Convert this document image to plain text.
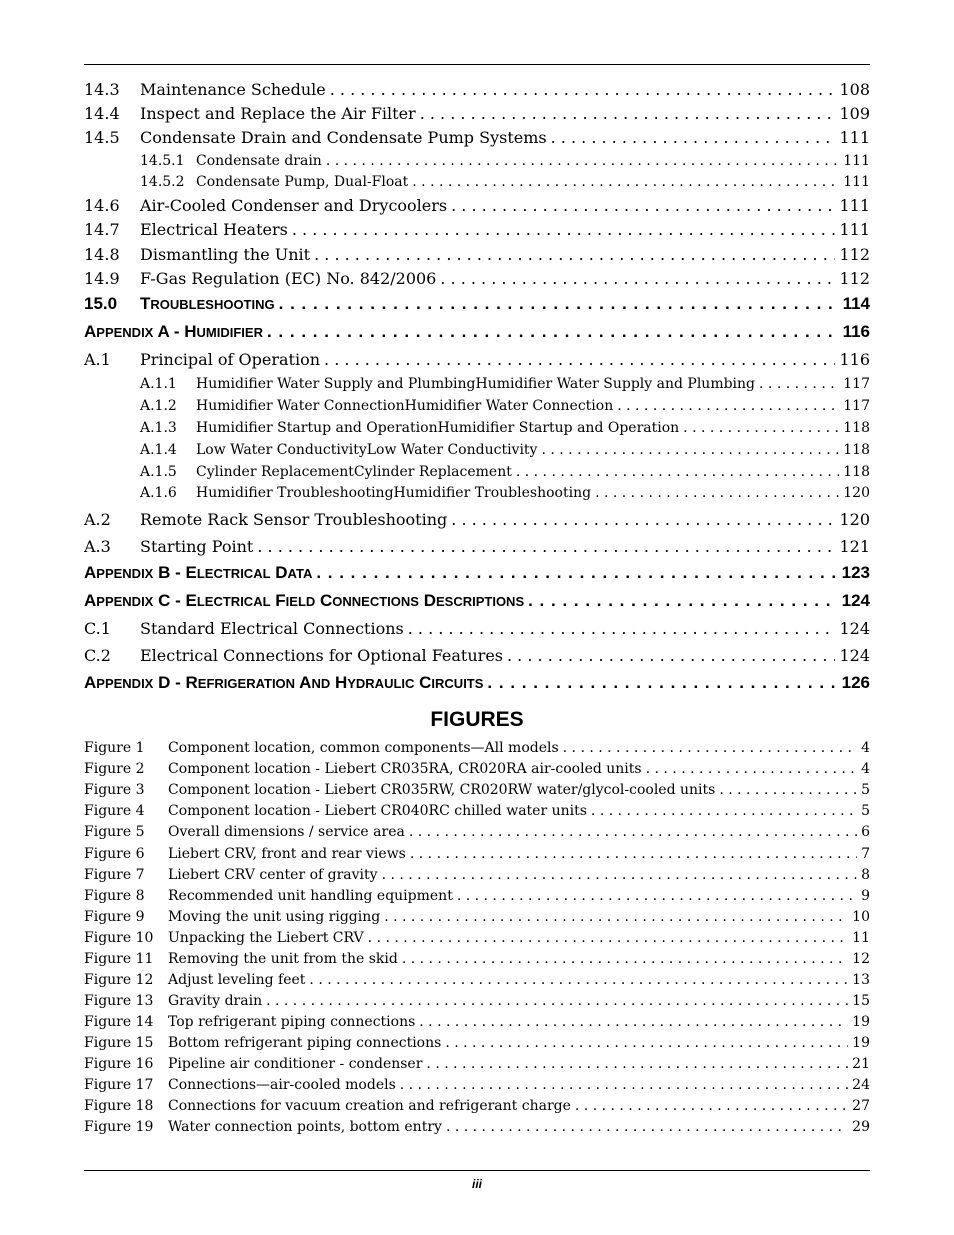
14.3	Maintenance Schedule . . .	108
14.4	Inspect and Replace the Air Filter . . .	109
14.5	Condensate Drain and Condensate Pump Systems . . .	111
14.5.1 Condensate drain . . .	111
14.5.2 Condensate Pump, Dual-Float . . .	111
14.6	Air-Cooled Condenser and Drycoolers . . .	111
14.7	Electrical Heaters . . .	111
14.8	Dismantling the Unit . . .	112
14.9	F-Gas Regulation (EC) No. 842/2006 . . .	112
15.0	TROUBLESHOOTING . . .	114
APPENDIX A - HUMIDIFIER . . .	116
A.1	Principal of Operation . . .	116
A.1.1	Humidifier Water Supply and PlumbingHumidifier Water Supply and Plumbing . . .	117
A.1.2	Humidifier Water ConnectionHumidifier Water Connection . . .	117
A.1.3	Humidifier Startup and OperationHumidifier Startup and Operation . . .	118
A.1.4	Low Water ConductivityLow Water Conductivity . . .	118
A.1.5	Cylinder ReplacementCylinder Replacement . . .	118
A.1.6	Humidifier TroubleshootingHumidifier Troubleshooting . . .	120
A.2	Remote Rack Sensor Troubleshooting . . .	120
A.3	Starting Point . . .	121
APPENDIX B - ELECTRICAL DATA . . .	123
APPENDIX C - ELECTRICAL FIELD CONNECTIONS DESCRIPTIONS . . .	124
C.1	Standard Electrical Connections . . .	124
C.2	Electrical Connections for Optional Features . . .	124
APPENDIX D - REFRIGERATION AND HYDRAULIC CIRCUITS . . .	126
FIGURES
Figure 1	Component location, common components—All models . . .	4
Figure 2	Component location - Liebert CR035RA, CR020RA air-cooled units . . .	4
Figure 3	Component location - Liebert CR035RW, CR020RW water/glycol-cooled units . . .	5
Figure 4	Component location - Liebert CR040RC chilled water units . . .	5
Figure 5	Overall dimensions / service area . . .	6
Figure 6	Liebert CRV, front and rear views . . .	7
Figure 7	Liebert CRV center of gravity . . .	8
Figure 8	Recommended unit handling equipment . . .	9
Figure 9	Moving the unit using rigging . . .	10
Figure 10	Unpacking the Liebert CRV . . .	11
Figure 11	Removing the unit from the skid . . .	12
Figure 12	Adjust leveling feet . . .	13
Figure 13	Gravity drain . . .	15
Figure 14	Top refrigerant piping connections . . .	19
Figure 15	Bottom refrigerant piping connections . . .	19
Figure 16	Pipeline air conditioner - condenser . . .	21
Figure 17	Connections—air-cooled models . . .	24
Figure 18	Connections for vacuum creation and refrigerant charge . . .	27
Figure 19	Water connection points, bottom entry . . .	29
iii
